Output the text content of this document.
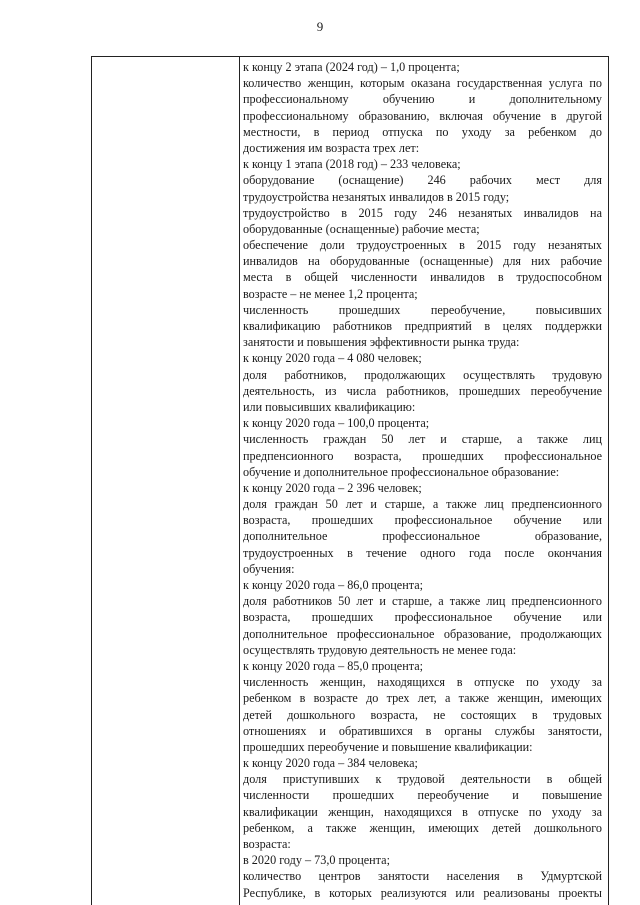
9
к концу 2 этапа (2024 год) – 1,0 процента;
количество женщин, которым оказана государственная услуга по
профессиональному обучению и дополнительному
профессиональному образованию, включая обучение в другой
местности, в период отпуска по уходу за ребенком до
достижения им возраста трех лет:
к концу 1 этапа (2018 год) – 233 человека;
оборудование (оснащение) 246 рабочих мест для
трудоустройства незанятых инвалидов в 2015 году;
трудоустройство в 2015 году 246 незанятых инвалидов на
оборудованные (оснащенные) рабочие места;
обеспечение доли трудоустроенных в 2015 году незанятых
инвалидов на оборудованные (оснащенные) для них рабочие
места в общей численности инвалидов в трудоспособном
возрасте – не менее 1,2 процента;
численность прошедших переобучение, повысивших
квалификацию работников предприятий в целях поддержки
занятости и повышения эффективности рынка труда:
к концу 2020 года – 4 080 человек;
доля работников, продолжающих осуществлять трудовую
деятельность, из числа работников, прошедших переобучение
или повысивших квалификацию:
к концу 2020 года – 100,0 процента;
численность граждан 50 лет и старше, а также лиц
предпенсионного возраста, прошедших профессиональное
обучение и дополнительное профессиональное образование:
к концу 2020 года – 2 396 человек;
доля граждан 50 лет и старше, а также лиц предпенсионного
возраста, прошедших профессиональное обучение или
дополнительное профессиональное образование,
трудоустроенных в течение одного года после окончания
обучения:
к концу 2020 года – 86,0 процента;
доля работников 50 лет и старше, а также лиц предпенсионного
возраста, прошедших профессиональное обучение или
дополнительное профессиональное образование, продолжающих
осуществлять трудовую деятельность не менее года:
к концу 2020 года – 85,0 процента;
численность женщин, находящихся в отпуске по уходу за
ребенком в возрасте до трех лет, а также женщин, имеющих
детей дошкольного возраста, не состоящих в трудовых
отношениях и обратившихся в органы службы занятости,
прошедших переобучение и повышение квалификации:
к концу 2020 года – 384 человека;
доля приступивших к трудовой деятельности в общей
численности прошедших переобучение и повышение
квалификации женщин, находящихся в отпуске по уходу за
ребенком, а также женщин, имеющих детей дошкольного
возраста:
в 2020 году – 73,0 процента;
количество центров занятости населения в Удмуртской
Республике, в которых реализуются или реализованы проекты
